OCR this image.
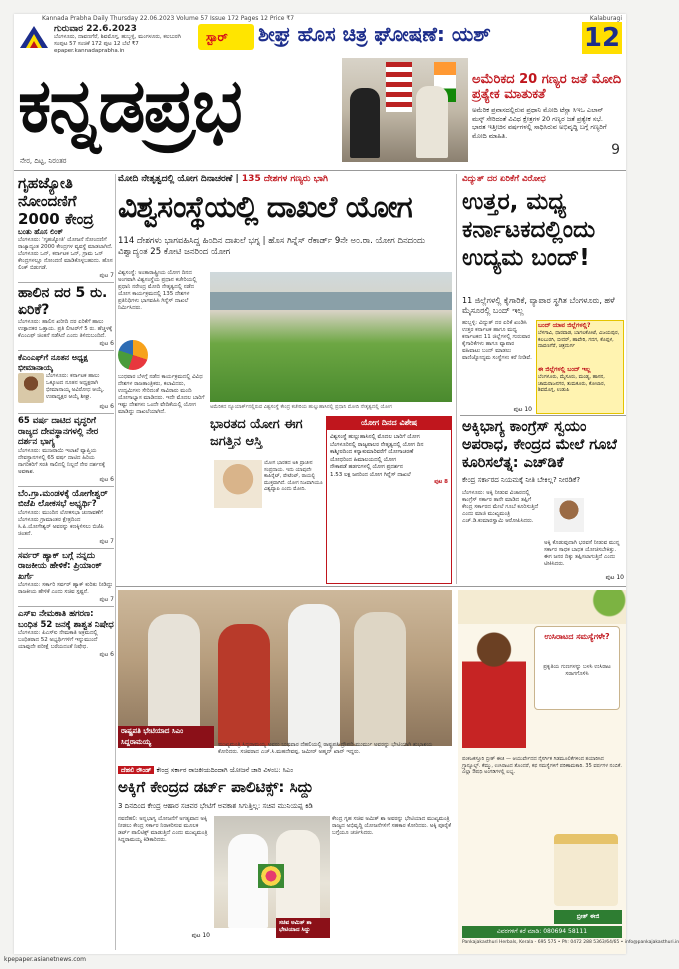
Kannada Prabha Daily Thursday 22.06.2023 Volume 57 Issue 172 Pages 12 Price ₹7	Kalaburagi
ಗುರುವಾರ 22.6.2023
ಬೆಂಗಳೂರು, ದಾವಣಗೆರೆ, ಶಿವಮೊಗ್ಗ, ಹುಬ್ಬಳ್ಳಿ, ಮಂಗಳೂರು, ಕಲಬುರಗಿ
ಸಂಪುಟ 57 ಸಂಚಿಕೆ 172 ಪುಟ 12 ಬೆಲೆ ₹7
epaper.kannadaprabha.in
ಸ್ಟಾರ್ ಶೀಘ್ರ ಹೊಸ ಚಿತ್ರ ಘೋಷಣೆ: ಯಶ್	12
ಕನ್ನಡಪ್ರಭ
ನೇರ, ದಿಟ್ಟ, ನಿರಂತರ
ಅಮೆರಿಕದ 20 ಗಣ್ಯರ ಜತೆ ಮೋದಿ ಪ್ರತ್ಯೇಕ ಮಾತುಕತೆ
ಅಮೆರಿಕ ಪ್ರವಾಸದಲ್ಲಿರುವ ಪ್ರಧಾನಿ ಮೋದಿ ಟೆಸ್ಲಾ ಸಿಇಒ ಎಲಾನ್ ಮಸ್ಕ್ ಸೇರಿದಂತೆ ವಿವಿಧ ಕ್ಷೇತ್ರಗಳ 20 ಗಣ್ಯರ ಜತೆ ಪ್ರತ್ಯೇಕ ಸಭೆ. ಭಾರತ ಇತ್ತೀಚಿನ ವರ್ಷಗಳಲ್ಲಿ ಸಾಧಿಸಿರುವ ಅಭಿವೃದ್ಧಿ ಬಗ್ಗೆ ಗಣ್ಯರಿಗೆ ಮೋದಿ ಮಾಹಿತಿ.
9
ಗೃಹಜ್ಯೋತಿ ನೋಂದಣಿಗೆ 2000 ಕೇಂದ್ರ
ಬಂತು ಹೊಸ ಲಿಂಕ್
ಬೆಂಗಳೂರು: 'ಗೃಹಜ್ಯೋತಿ' ಯೋಜನೆ ನೋಂದಣಿಗೆ ರಾಜ್ಯಾದ್ಯಂತ 2000 ಕೇಂದ್ರಗಳ ವ್ಯವಸ್ಥೆ ಮಾಡಲಾಗಿದೆ. ಬೆಂಗಳೂರು ಒನ್, ಕರ್ನಾಟಕ ಒನ್, ಗ್ರಾಮ ಒನ್ ಕೇಂದ್ರಗಳಲ್ಲೂ ನೋಂದಣಿ ಮಾಡಿಕೊಳ್ಳಬಹುದು. ಹೊಸ ಲಿಂಕ್ ಬಿಡುಗಡೆ.
ಪುಟ 7
ಹಾಲಿನ ದರ 5 ರು. ಏರಿಕೆ?
ಬೆಂಗಳೂರು: ಹಾಲಿನ ಖರೀದಿ ದರ ಏರಿಕೆಗೆ ಹಾಲು ಉತ್ಪಾದಕರ ಒತ್ತಾಯ. ಪ್ರತಿ ಲೀಟರ್‌ಗೆ 5 ರು. ಹೆಚ್ಚಳಕ್ಕೆ ಕೆಎಂಎಫ್ ಚಿಂತನೆ ನಡೆಸಿದೆ ಎಂದು ತಿಳಿದುಬಂದಿದೆ.
ಪುಟ 6
ಕೆಎಂಎಫ್‌ಗೆ ನೂತನ ಅಧ್ಯಕ್ಷ ಭೀಮಾನಾಯ್ಕ
ಬೆಂಗಳೂರು: ಕರ್ನಾಟಕ ಹಾಲು ಒಕ್ಕೂಟದ ನೂತನ ಅಧ್ಯಕ್ಷರಾಗಿ ಭೀಮಾನಾಯ್ಕ ಅವಿರೋಧ ಆಯ್ಕೆ. ಉಪಾಧ್ಯಕ್ಷರ ಆಯ್ಕೆ ಶೀಘ್ರ.
ಪುಟ 6
65 ವರ್ಷ ದಾಟಿದ ವೃದ್ಧರಿಗೆ ರಾಜ್ಯದ ದೇವಸ್ಥಾನಗಳಲ್ಲಿ ನೇರ ದರ್ಶನ ಭಾಗ್ಯ
ಬೆಂಗಳೂರು: ಮುಜರಾಯಿ ಇಲಾಖೆ ವ್ಯಾಪ್ತಿಯ ದೇವಸ್ಥಾನಗಳಲ್ಲಿ 65 ವರ್ಷ ದಾಟಿದ ಹಿರಿಯ ನಾಗರಿಕರಿಗೆ ಸರತಿ ಸಾಲಿನಲ್ಲಿ ನಿಲ್ಲದೆ ನೇರ ದರ್ಶನಕ್ಕೆ ಅವಕಾಶ.
ಪುಟ 6
ಬೆಂ.ಗ್ರಾ.ಮಂಡಳಕ್ಕೆ ಯೋಗೇಶ್ವರ್ ಬಿಜೆಪಿ ಲೋಕಸಭೆ ಅಭ್ಯರ್ಥಿ?
ಬೆಂಗಳೂರು: ಮುಂದಿನ ಲೋಕಸಭಾ ಚುನಾವಣೆಗೆ ಬೆಂಗಳೂರು ಗ್ರಾಮಾಂತರ ಕ್ಷೇತ್ರದಿಂದ ಸಿ.ಪಿ.ಯೋಗೇಶ್ವರ್ ಅವರನ್ನು ಕಣಕ್ಕಿಳಿಸಲು ಬಿಜೆಪಿ ಚಿಂತನೆ.
ಪುಟ 7
ಸರ್ವರ್ ಹ್ಯಾಕ್ ಬಗ್ಗೆ ನನ್ನದು ರಾಜಕೀಯ ಹೇಳಿಕೆ: ಪ್ರಿಯಾಂಕ್ ಖರ್ಗೆ
ಬೆಂಗಳೂರು: ಸರ್ಕಾರಿ ಸರ್ವರ್ ಹ್ಯಾಕ್ ಕುರಿತು ನೀಡಿದ್ದು ರಾಜಕೀಯ ಹೇಳಿಕೆ ಎಂದು ಸಚಿವ ಸ್ಪಷ್ಟನೆ.
ಪುಟ 7
ಎಸ್ಐ ನೇಮಕಾತಿ ಹಗರಣ: ಬಂಧಿತ 52 ಜನಕ್ಕೆ ಶಾಶ್ವತ ನಿಷೇಧ
ಬೆಂಗಳೂರು: ಪಿಎಸ್ಐ ನೇಮಕಾತಿ ಅಕ್ರಮದಲ್ಲಿ ಬಂಧಿತರಾದ 52 ಅಭ್ಯರ್ಥಿಗಳಿಗೆ ಇನ್ನುಮುಂದೆ ಯಾವುದೇ ಪರೀಕ್ಷೆ ಬರೆಯದಂತೆ ನಿಷೇಧ.
ಪುಟ 6
ಮೋದಿ ನೇತೃತ್ವದಲ್ಲಿ ಯೋಗ ದಿನಾಚರಣೆ | 135 ದೇಶಗಳ ಗಣ್ಯರು ಭಾಗಿ
ವಿಶ್ವಸಂಸ್ಥೆಯಲ್ಲಿ ದಾಖಲೆ ಯೋಗ
114 ದೇಶಗಳು ಭಾಗವಹಿಸಿದ್ದ ಹಿಂದಿನ ದಾಖಲೆ ಭಗ್ನ | ಹೊಸ ಗಿನ್ನೆಸ್ ರೆಕಾರ್ಡ್ 9ನೇ ಅಂ.ರಾ. ಯೋಗ ದಿನದಂದು ವಿಶ್ವಾದ್ಯಂತ 25 ಕೋಟಿ ಜನರಿಂದ ಯೋಗ
ವಿಶ್ವಸಂಸ್ಥೆ: ಅಂತಾರಾಷ್ಟ್ರೀಯ ಯೋಗ ದಿನದ ಅಂಗವಾಗಿ ವಿಶ್ವಸಂಸ್ಥೆಯ ಪ್ರಧಾನ ಕಚೇರಿಯಲ್ಲಿ ಪ್ರಧಾನಿ ನರೇಂದ್ರ ಮೋದಿ ನೇತೃತ್ವದಲ್ಲಿ ನಡೆದ ಯೋಗ ಕಾರ್ಯಕ್ರಮದಲ್ಲಿ 135 ದೇಶಗಳ ಪ್ರತಿನಿಧಿಗಳು ಭಾಗವಹಿಸಿ ಗಿನ್ನೆಸ್ ದಾಖಲೆ ನಿರ್ಮಿಸಿದರು.
ಬುಧವಾರ ಬೆಳಗ್ಗೆ ನಡೆದ ಕಾರ್ಯಕ್ರಮದಲ್ಲಿ ವಿವಿಧ ದೇಶಗಳ ರಾಜತಾಂತ್ರಿಕರು, ಕಲಾವಿದರು, ಉದ್ಯಮಿಗಳು ಸೇರಿದಂತೆ ಸಾವಿರಾರು ಮಂದಿ ಯೋಗಾಭ್ಯಾಸ ಮಾಡಿದರು. ಇದೇ ಮೊದಲ ಬಾರಿಗೆ ಇಷ್ಟು ದೇಶಗಳು ಒಂದೇ ವೇದಿಕೆಯಲ್ಲಿ ಯೋಗ ಮಾಡಿದ್ದು ದಾಖಲೆಯಾಗಿದೆ.
ಅಮೆರಿಕದ ನ್ಯೂಯಾರ್ಕ್‌ನಲ್ಲಿರುವ ವಿಶ್ವಸಂಸ್ಥೆ ಕೇಂದ್ರ ಕಚೇರಿಯ ಹುಲ್ಲುಹಾಸಿನಲ್ಲಿ ಪ್ರಧಾನಿ ಮೋದಿ ನೇತೃತ್ವದಲ್ಲಿ ಯೋಗ
ಭಾರತದ ಯೋಗ ಈಗ ಜಗತ್ತಿನ ಆಸ್ತಿ
ಯೋಗ ಭಾರತದ ಅತಿ ಪ್ರಾಚೀನ ಸಂಪ್ರದಾಯ. ಇದು ಯಾವುದೇ ಕಾಪಿರೈಟ್, ಪೇಟೆಂಟ್, ರಾಯಲ್ಟಿ ಮುಕ್ತವಾಗಿದೆ. ಯೋಗ ನಿಜವಾಗಿಯೂ ವಿಶ್ವವ್ಯಾಪಿ ಎಂದು ಮೋದಿ.
ಯೋಗ ದಿನದ ವಿಶೇಷ
ವಿಶ್ವಸಂಸ್ಥೆ ಹುಲ್ಲುಹಾಸಿನಲ್ಲಿ ಮೊದಲ ಬಾರಿಗೆ ಯೋಗ
ಬೆಂಗಳೂರಿನಲ್ಲಿ ರಾಜ್ಯಪಾಲರ ನೇತೃತ್ವದಲ್ಲಿ ಯೋಗ ದಿನ
ಕಾಶ್ಮೀರದಿಂದ ಕನ್ಯಾಕುಮಾರಿವರೆಗೆ ಯೋಗಾಚರಣೆ
ಯೋಧರಿಂದ ಹಿಮಾಲಯದಲ್ಲಿ ಯೋಗ
ನೌಕಾಪಡೆ ಹಡಗುಗಳಲ್ಲಿ ಯೋಗ ಪ್ರದರ್ಶನ
1.53 ಲಕ್ಷ ಜನರಿಂದ ಯೋಗ ಗಿನ್ನೆಸ್ ದಾಖಲೆ
ಪುಟ 8
ವಿದ್ಯುತ್ ದರ ಏರಿಕೆಗೆ ವಿರೋಧ
ಉತ್ತರ, ಮಧ್ಯ ಕರ್ನಾಟಕದಲ್ಲಿಂದು ಉದ್ಯಮ ಬಂದ್!
11 ಜಿಲ್ಲೆಗಳಲ್ಲಿ ಕೈಗಾರಿಕೆ, ವ್ಯಾಪಾರ ಸ್ಥಗಿತ ಬೆಂಗಳೂರು, ಹಳೆ ಮೈಸೂರಲ್ಲಿ ಬಂದ್ ಇಲ್ಲ
ಹುಬ್ಬಳ್ಳಿ: ವಿದ್ಯುತ್ ದರ ಏರಿಕೆ ಖಂಡಿಸಿ ಉತ್ತರ ಕರ್ನಾಟಕ ಹಾಗೂ ಮಧ್ಯ ಕರ್ನಾಟಕದ 11 ಜಿಲ್ಲೆಗಳಲ್ಲಿ ಗುರುವಾರ ಕೈಗಾರಿಕೆಗಳು ಹಾಗೂ ವ್ಯಾಪಾರ ವಹಿವಾಟು ಬಂದ್ ಮಾಡಲು ವಾಣಿಜ್ಯೋದ್ಯಮ ಸಂಸ್ಥೆಗಳು ಕರೆ ನೀಡಿವೆ.
ಬಂದ್ ಯಾವ ಜಿಲ್ಲೆಗಳಲ್ಲಿ?
ಬೆಳಗಾವಿ, ಧಾರವಾಡ, ಬಾಗಲಕೋಟೆ, ವಿಜಯಪುರ, ಕಲಬುರಗಿ, ಬೀದರ್, ಹಾವೇರಿ, ಗದಗ, ಕೊಪ್ಪಳ, ದಾವಣಗೆರೆ, ಚಿತ್ರದುರ್ಗ
ಈ ಜಿಲ್ಲೆಗಳಲ್ಲಿ ಬಂದ್ ಇಲ್ಲ
ಬೆಂಗಳೂರು, ಮೈಸೂರು, ಮಂಡ್ಯ, ಹಾಸನ, ಚಾಮರಾಜನಗರ, ತುಮಕೂರು, ಕೋಲಾರ, ಶಿವಮೊಗ್ಗ, ಉಡುಪಿ
ಪುಟ 10
ಅಕ್ಕಿಭಾಗ್ಯ ಕಾಂಗ್ರೆಸ್ ಸ್ವಯಂ ಅಪರಾಧ, ಕೇಂದ್ರದ ಮೇಲೆ ಗೂಬೆ ಕೂರಿಸಲೆತ್ನ: ಎಚ್‌ಡಿಕೆ
ಕೇಂದ್ರ ಸರ್ಕಾರದ ನಿಯಮಕ್ಕೆ ನೀತಿ ಬೇಕಿಲ್ಲ? ನೀರಡಿಕೆ?
ಬೆಂಗಳೂರು: ಅಕ್ಕಿ ನೀಡುವ ವಿಚಾರದಲ್ಲಿ ಕಾಂಗ್ರೆಸ್ ಸರ್ಕಾರ ತಾನೇ ಮಾಡಿದ ತಪ್ಪಿಗೆ ಕೇಂದ್ರ ಸರ್ಕಾರದ ಮೇಲೆ ಗೂಬೆ ಕೂರಿಸುತ್ತಿದೆ ಎಂದು ಮಾಜಿ ಮುಖ್ಯಮಂತ್ರಿ ಎಚ್.ಡಿ.ಕುಮಾರಸ್ವಾಮಿ ಆರೋಪಿಸಿದರು.
ಅಕ್ಕಿ ಕೊಡುವುದಾಗಿ ಭರವಸೆ ನೀಡುವ ಮುನ್ನ ಸರ್ಕಾರ ಸಾಧಕ ಬಾಧಕ ಯೋಚಿಸಬೇಕಿತ್ತು. ಈಗ ಜನರ ದಿಕ್ಕು ತಪ್ಪಿಸಲಾಗುತ್ತಿದೆ ಎಂದು ಟೀಕಿಸಿದರು.
ಪುಟ 10
ರಾಷ್ಟ್ರಪತಿ ಭೇಟಿಯಾದ ಸಿಎಂ ಸಿದ್ದರಾಮಯ್ಯ	ಮುಖ್ಯಮಂತ್ರಿ ಸಿದ್ದರಾಮಯ್ಯ ಅವರು ಬುಧವಾರ ದೆಹಲಿಯಲ್ಲಿ ರಾಷ್ಟ್ರಪತಿ ದ್ರೌಪದಿ ಮುರ್ಮು ಅವರನ್ನು ಭೇಟಿಯಾಗಿ ಶುಭಾಶಯ ಕೋರಿದರು. ಸಚಿವರಾದ ಎಚ್.ಸಿ.ಮಹದೇವಪ್ಪ, ಜಮೀರ್ ಅಹ್ಮದ್ ಖಾನ್ ಇದ್ದರು.
ದೆಹಲಿ ರೌಂಡ್ ಕೇಂದ್ರ ಸರ್ಕಾರ ರಾಜಕೀಯದಿಂದಾಗಿ ಯೋಜನೆ ಜಾರಿ ವಿಳಂಬ: ಸಿಎಂ
ಅಕ್ಕಿಗೆ ಕೇಂದ್ರದ ಡರ್ಟ್ ಪಾಲಿಟಿಕ್ಸ್: ಸಿದ್ದು
3 ದಿನದಿಂದ ಕೇಂದ್ರ ಆಹಾರ ಸಚಿವರ ಭೇಟಿಗೆ ಅವಕಾಶ ಸಿಗುತ್ತಿಲ್ಲ: ಸಚಿವ ಮುನಿಯಪ್ಪ ಕಿಡಿ
ನವದೆಹಲಿ: ಅನ್ನಭಾಗ್ಯ ಯೋಜನೆಗೆ ಅಗತ್ಯವಾದ ಅಕ್ಕಿ ನೀಡಲು ಕೇಂದ್ರ ಸರ್ಕಾರ ನಿರಾಕರಿಸುವ ಮೂಲಕ ಡರ್ಟ್ ಪಾಲಿಟಿಕ್ಸ್ ಮಾಡುತ್ತಿದೆ ಎಂದು ಮುಖ್ಯಮಂತ್ರಿ ಸಿದ್ದರಾಮಯ್ಯ ಕಿಡಿಕಾರಿದರು.
ಸಚಿವ ಅಮಿತ್ ಶಾ ಭೇಟಿಯಾದ ಸಿದ್ದು
ಕೇಂದ್ರ ಗೃಹ ಸಚಿವ ಅಮಿತ್ ಶಾ ಅವರನ್ನು ಭೇಟಿಯಾದ ಮುಖ್ಯಮಂತ್ರಿ ರಾಜ್ಯದ ಅಭಿವೃದ್ಧಿ ಯೋಜನೆಗಳಿಗೆ ಸಹಕಾರ ಕೋರಿದರು. ಅಕ್ಕಿ ಪೂರೈಕೆ ಬಗ್ಗೆಯೂ ಚರ್ಚಿಸಿದರು.
ಪುಟ 10
ಉಸಿರಾಟದ ಸಮಸ್ಯೆಗಳೇ?
ಪ್ರಕೃತಿಯ ಗುಣಗಳನ್ನು ಬಳಸಿ ಉಸಿರಾಟ ಸರಾಗಗೊಳಿಸಿ
ಪಂಕಜಕಸ್ತೂರಿ ಬ್ರೀತ್ ಈಜಿ — ಆಯುರ್ವೇದದ ನೈಸರ್ಗಿಕ ಗಿಡಮೂಲಿಕೆಗಳಿಂದ ತಯಾರಿಸಿದ ಗ್ರ್ಯಾನ್ಯೂಲ್ಸ್. ಕೆಮ್ಮು, ಉಸಿರಾಟದ ತೊಂದರೆ, ಕಫ ಸಮಸ್ಯೆಗಳಿಗೆ ಪರಿಣಾಮಕಾರಿ. 35 ವರ್ಷಗಳ ನಂಬಿಕೆ. ಎಲ್ಲಾ ಔಷಧಿ ಅಂಗಡಿಗಳಲ್ಲಿ ಲಭ್ಯ.
ಬ್ರೀತ್ ಈಜಿ
ವಿವರಗಳಿಗೆ ಕರೆ ಮಾಡಿ: 080694 58111
Pankajakasthuri Herbals, Kerala - 695 575 • Ph: 0472 288 5363/64/65 • info@pankajakasthuri.in
kpepaper.asianetnews.com
